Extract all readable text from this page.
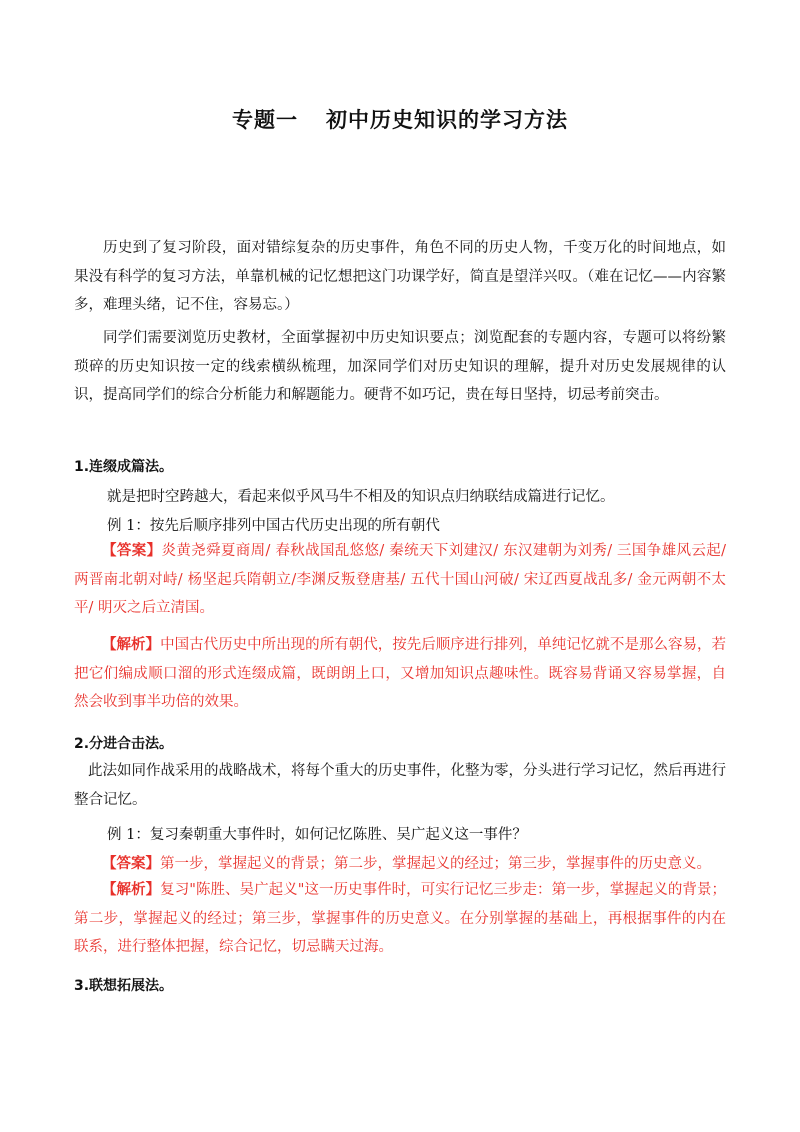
专题一 初中历史知识的学习方法
历史到了复习阶段，面对错综复杂的历史事件，角色不同的历史人物，千变万化的时间地点，如果没有科学的复习方法，单靠机械的记忆想把这门功课学好，简直是望洋兴叹。（难在记忆——内容繁多，难理头绪，记不住，容易忘。）
同学们需要浏览历史教材，全面掌握初中历史知识要点；浏览配套的专题内容，专题可以将纷繁琐碎的历史知识按一定的线索横纵梳理，加深同学们对历史知识的理解，提升对历史发展规律的认识，提高同学们的综合分析能力和解题能力。硬背不如巧记，贵在每日坚持，切忌考前突击。
1.连缀成篇法。
就是把时空跨越大，看起来似乎风马牛不相及的知识点归纳联结成篇进行记忆。
例 1：按先后顺序排列中国古代历史出现的所有朝代
【答案】炎黄尧舜夏商周/ 春秋战国乱悠悠/ 秦统天下刘建汉/ 东汉建朝为刘秀/ 三国争雄风云起/ 两晋南北朝对峙/ 杨坚起兵隋朝立/李渊反叛登唐基/ 五代十国山河破/ 宋辽西夏战乱多/ 金元两朝不太平/ 明灭之后立清国。
【解析】中国古代历史中所出现的所有朝代，按先后顺序进行排列，单纯记忆就不是那么容易，若把它们编成顺口溜的形式连缀成篇，既朗朗上口，又增加知识点趣味性。既容易背诵又容易掌握，自然会收到事半功倍的效果。
2.分进合击法。
此法如同作战采用的战略战术，将每个重大的历史事件，化整为零，分头进行学习记忆，然后再进行整合记忆。
例 1：复习秦朝重大事件时，如何记忆陈胜、吴广起义这一事件？
【答案】第一步，掌握起义的背景；第二步，掌握起义的经过；第三步，掌握事件的历史意义。
【解析】复习"陈胜、吴广起义"这一历史事件时，可实行记忆三步走：第一步，掌握起义的背景；第二步，掌握起义的经过；第三步，掌握事件的历史意义。在分别掌握的基础上，再根据事件的内在联系，进行整体把握，综合记忆，切忌瞒天过海。
3.联想拓展法。
